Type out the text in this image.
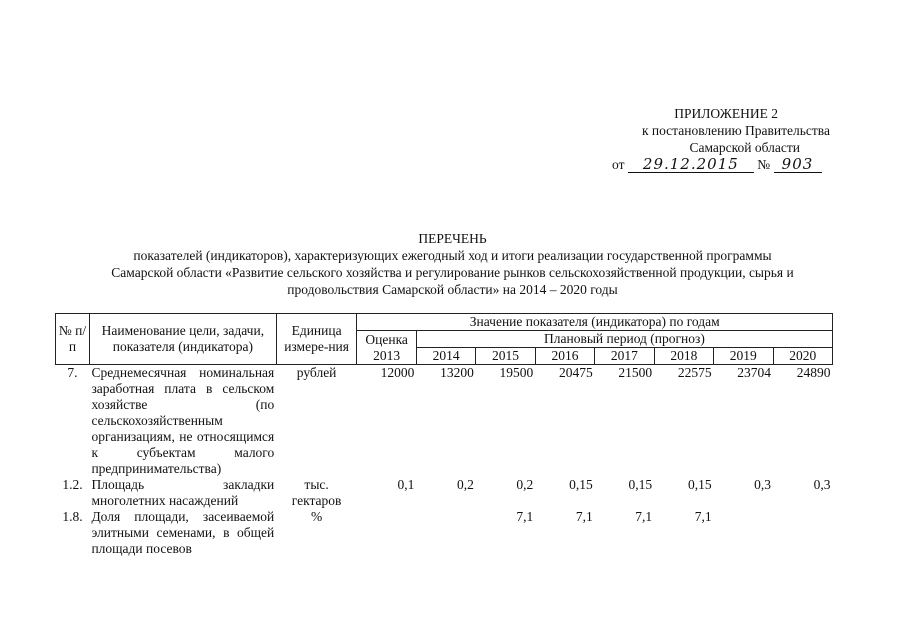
ПРИЛОЖЕНИЕ 2
к постановлению Правительства
Самарской области
от 29.12.2015 № 903
ПЕРЕЧЕНЬ
показателей (индикаторов), характеризующих ежегодный ход и итоги реализации государственной программы Самарской области «Развитие сельского хозяйства и регулирование рынков сельскохозяйственной продукции, сырья и продовольствия Самарской области» на 2014 – 2020 годы
№ п/п	Наименование цели, задачи, показателя (индикатора)	Единица измере-ния	Значение показателя (индикатора) по годам							
			Оценка 2013	Плановый период (прогноз)						
				2014	2015	2016	2017	2018	2019	2020
7.	Среднемесячная номинальная заработная плата в сельском хозяйстве (по сельскохозяйственным организациям, не относящимся к субъектам малого предпринимательства)	рублей	12000	13200	19500	20475	21500	22575	23704	24890
1.2.	Площадь закладки многолетних насаждений	тыс. гектаров	0,1	0,2	0,2	0,15	0,15	0,15	0,3	0,3
1.8.	Доля площади, засеиваемой элитными семенами, в общей площади посевов	%			7,1	7,1	7,1	7,1		
